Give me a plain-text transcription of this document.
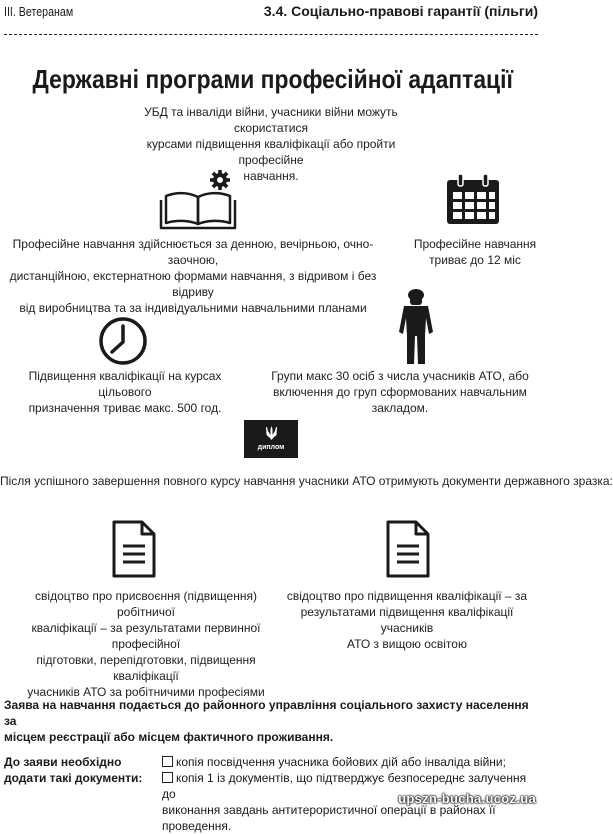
III. Ветеранам	3.4. Соціально-правові гарантії (пільги)
Державні програми професійної адаптації
УБД та інваліди війни, учасники війни можуть скористатися
курсами підвищення кваліфікації або пройти професійне
навчання.
Професійне навчання здійснюється за денною, вечірньою, очно-заочною,
дистанційною, екстернатною формами навчання, з відривом і без відриву
від виробництва та за індивідуальними навчальними планами
Професійне навчання
триває до 12 міс
Підвищення кваліфікації на курсах цільового
призначення триває макс. 500 год.
Групи макс 30 осіб з числа учасників АТО, або
включення до груп сформованих навчальним закладом.
диплом
Після успішного завершення повного курсу навчання учасники АТО отримують документи державного зразка:
свідоцтво про присвоєння (підвищення) робітничої
кваліфікації – за результатами первинної професійної
підготовки, перепідготовки, підвищення кваліфікації
учасників АТО за робітничими професіями
свідоцтво про підвищення кваліфікації – за
результатами підвищення кваліфікації учасників
АТО з вищою освітою
Заява на навчання подається до районного управління соціального захисту населення за
місцем реєстрації або місцем фактичного проживання.
До заяви необхідно
додати такі документи:
копія посвідчення учасника бойових дій або інваліда війни;
копія 1 із документів, що підтверджує безпосереднє залучення до
виконання завдань антитерористичної операції в районах її проведення.
upszn-bucha.ucoz.ua
